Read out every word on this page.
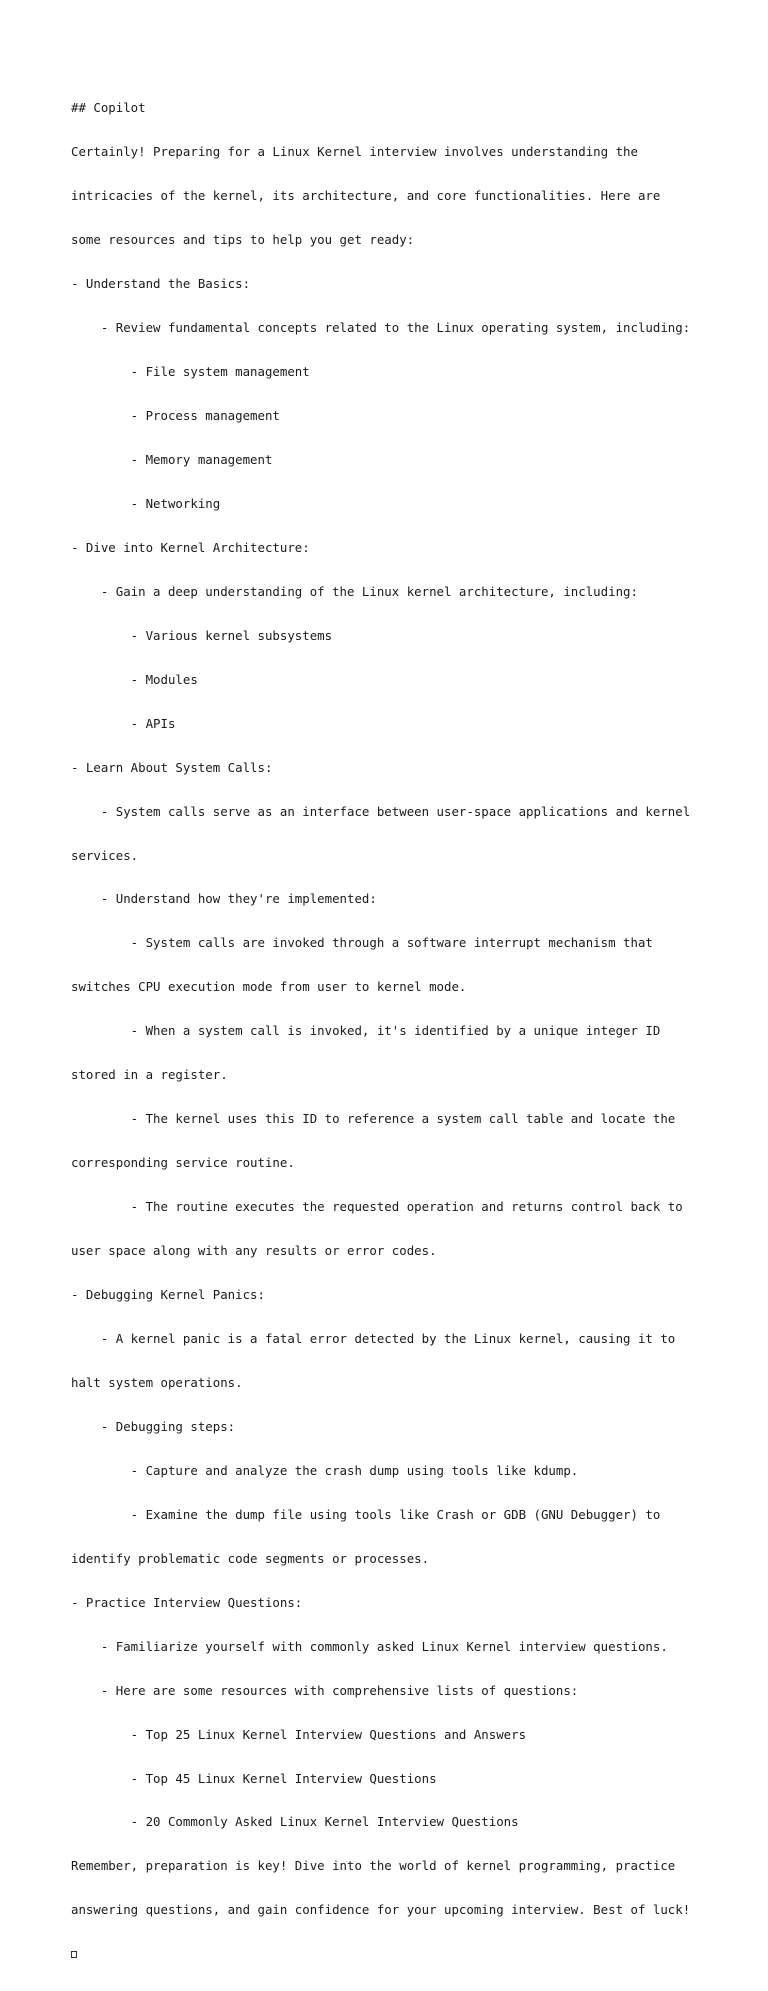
## Copilot

Certainly! Preparing for a Linux Kernel interview involves understanding the

intricacies of the kernel, its architecture, and core functionalities. Here are

some resources and tips to help you get ready:

- Understand the Basics:

- Review fundamental concepts related to the Linux operating system, including:

- File system management

- Process management

- Memory management

- Networking

- Dive into Kernel Architecture:

- Gain a deep understanding of the Linux kernel architecture, including:

- Various kernel subsystems

- Modules

- APIs

- Learn About System Calls:

- System calls serve as an interface between user-space applications and kernel

services.

- Understand how they're implemented:

- System calls are invoked through a software interrupt mechanism that

switches CPU execution mode from user to kernel mode.

- When a system call is invoked, it's identified by a unique integer ID

stored in a register.

- The kernel uses this ID to reference a system call table and locate the

corresponding service routine.

- The routine executes the requested operation and returns control back to

user space along with any results or error codes.

- Debugging Kernel Panics:

- A kernel panic is a fatal error detected by the Linux kernel, causing it to

halt system operations.

- Debugging steps:

- Capture and analyze the crash dump using tools like kdump.

- Examine the dump file using tools like Crash or GDB (GNU Debugger) to

identify problematic code segments or processes.

- Practice Interview Questions:

- Familiarize yourself with commonly asked Linux Kernel interview questions.

- Here are some resources with comprehensive lists of questions:

- Top 25 Linux Kernel Interview Questions and Answers

- Top 45 Linux Kernel Interview Questions

- 20 Commonly Asked Linux Kernel Interview Questions

Remember, preparation is key! Dive into the world of kernel programming, practice

answering questions, and gain confidence for your upcoming interview. Best of luck!
